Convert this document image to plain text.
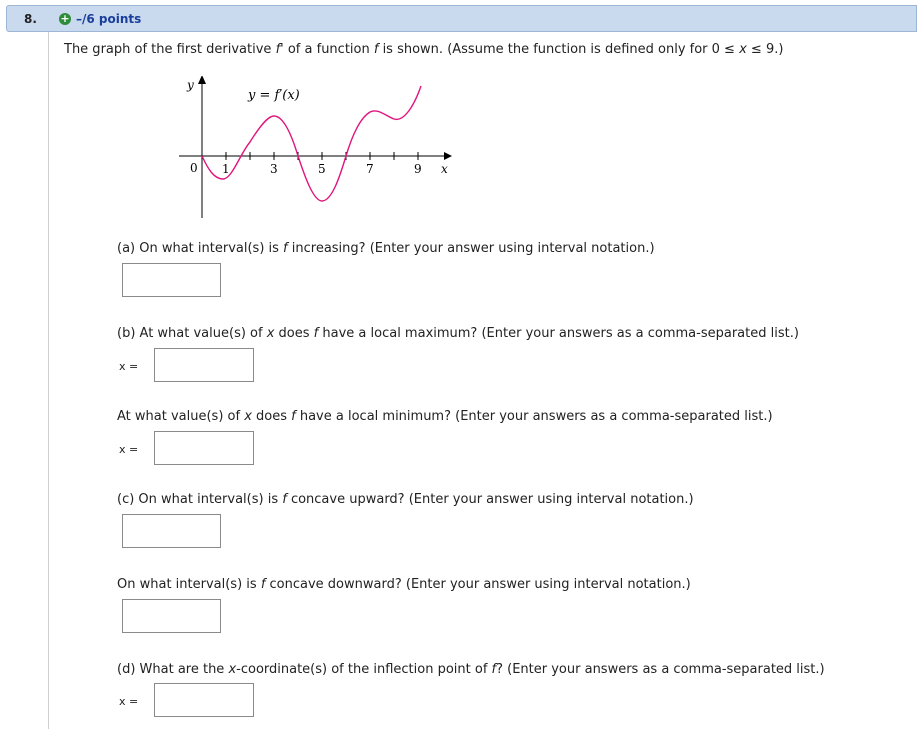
8. + –/6 points
The graph of the first derivative f' of a function f is shown. (Assume the function is defined only for 0 ≤ x ≤ 9.)
y
x
0 1	3	5	7	9
y = f′(x)
(a) On what interval(s) is f increasing? (Enter your answer using interval notation.)
(b) At what value(s) of x does f have a local maximum? (Enter your answers as a comma-separated list.)
x =
At what value(s) of x does f have a local minimum? (Enter your answers as a comma-separated list.)
x =
(c) On what interval(s) is f concave upward? (Enter your answer using interval notation.)
On what interval(s) is f concave downward? (Enter your answer using interval notation.)
(d) What are the x-coordinate(s) of the inflection point of f? (Enter your answers as a comma-separated list.)
x =
